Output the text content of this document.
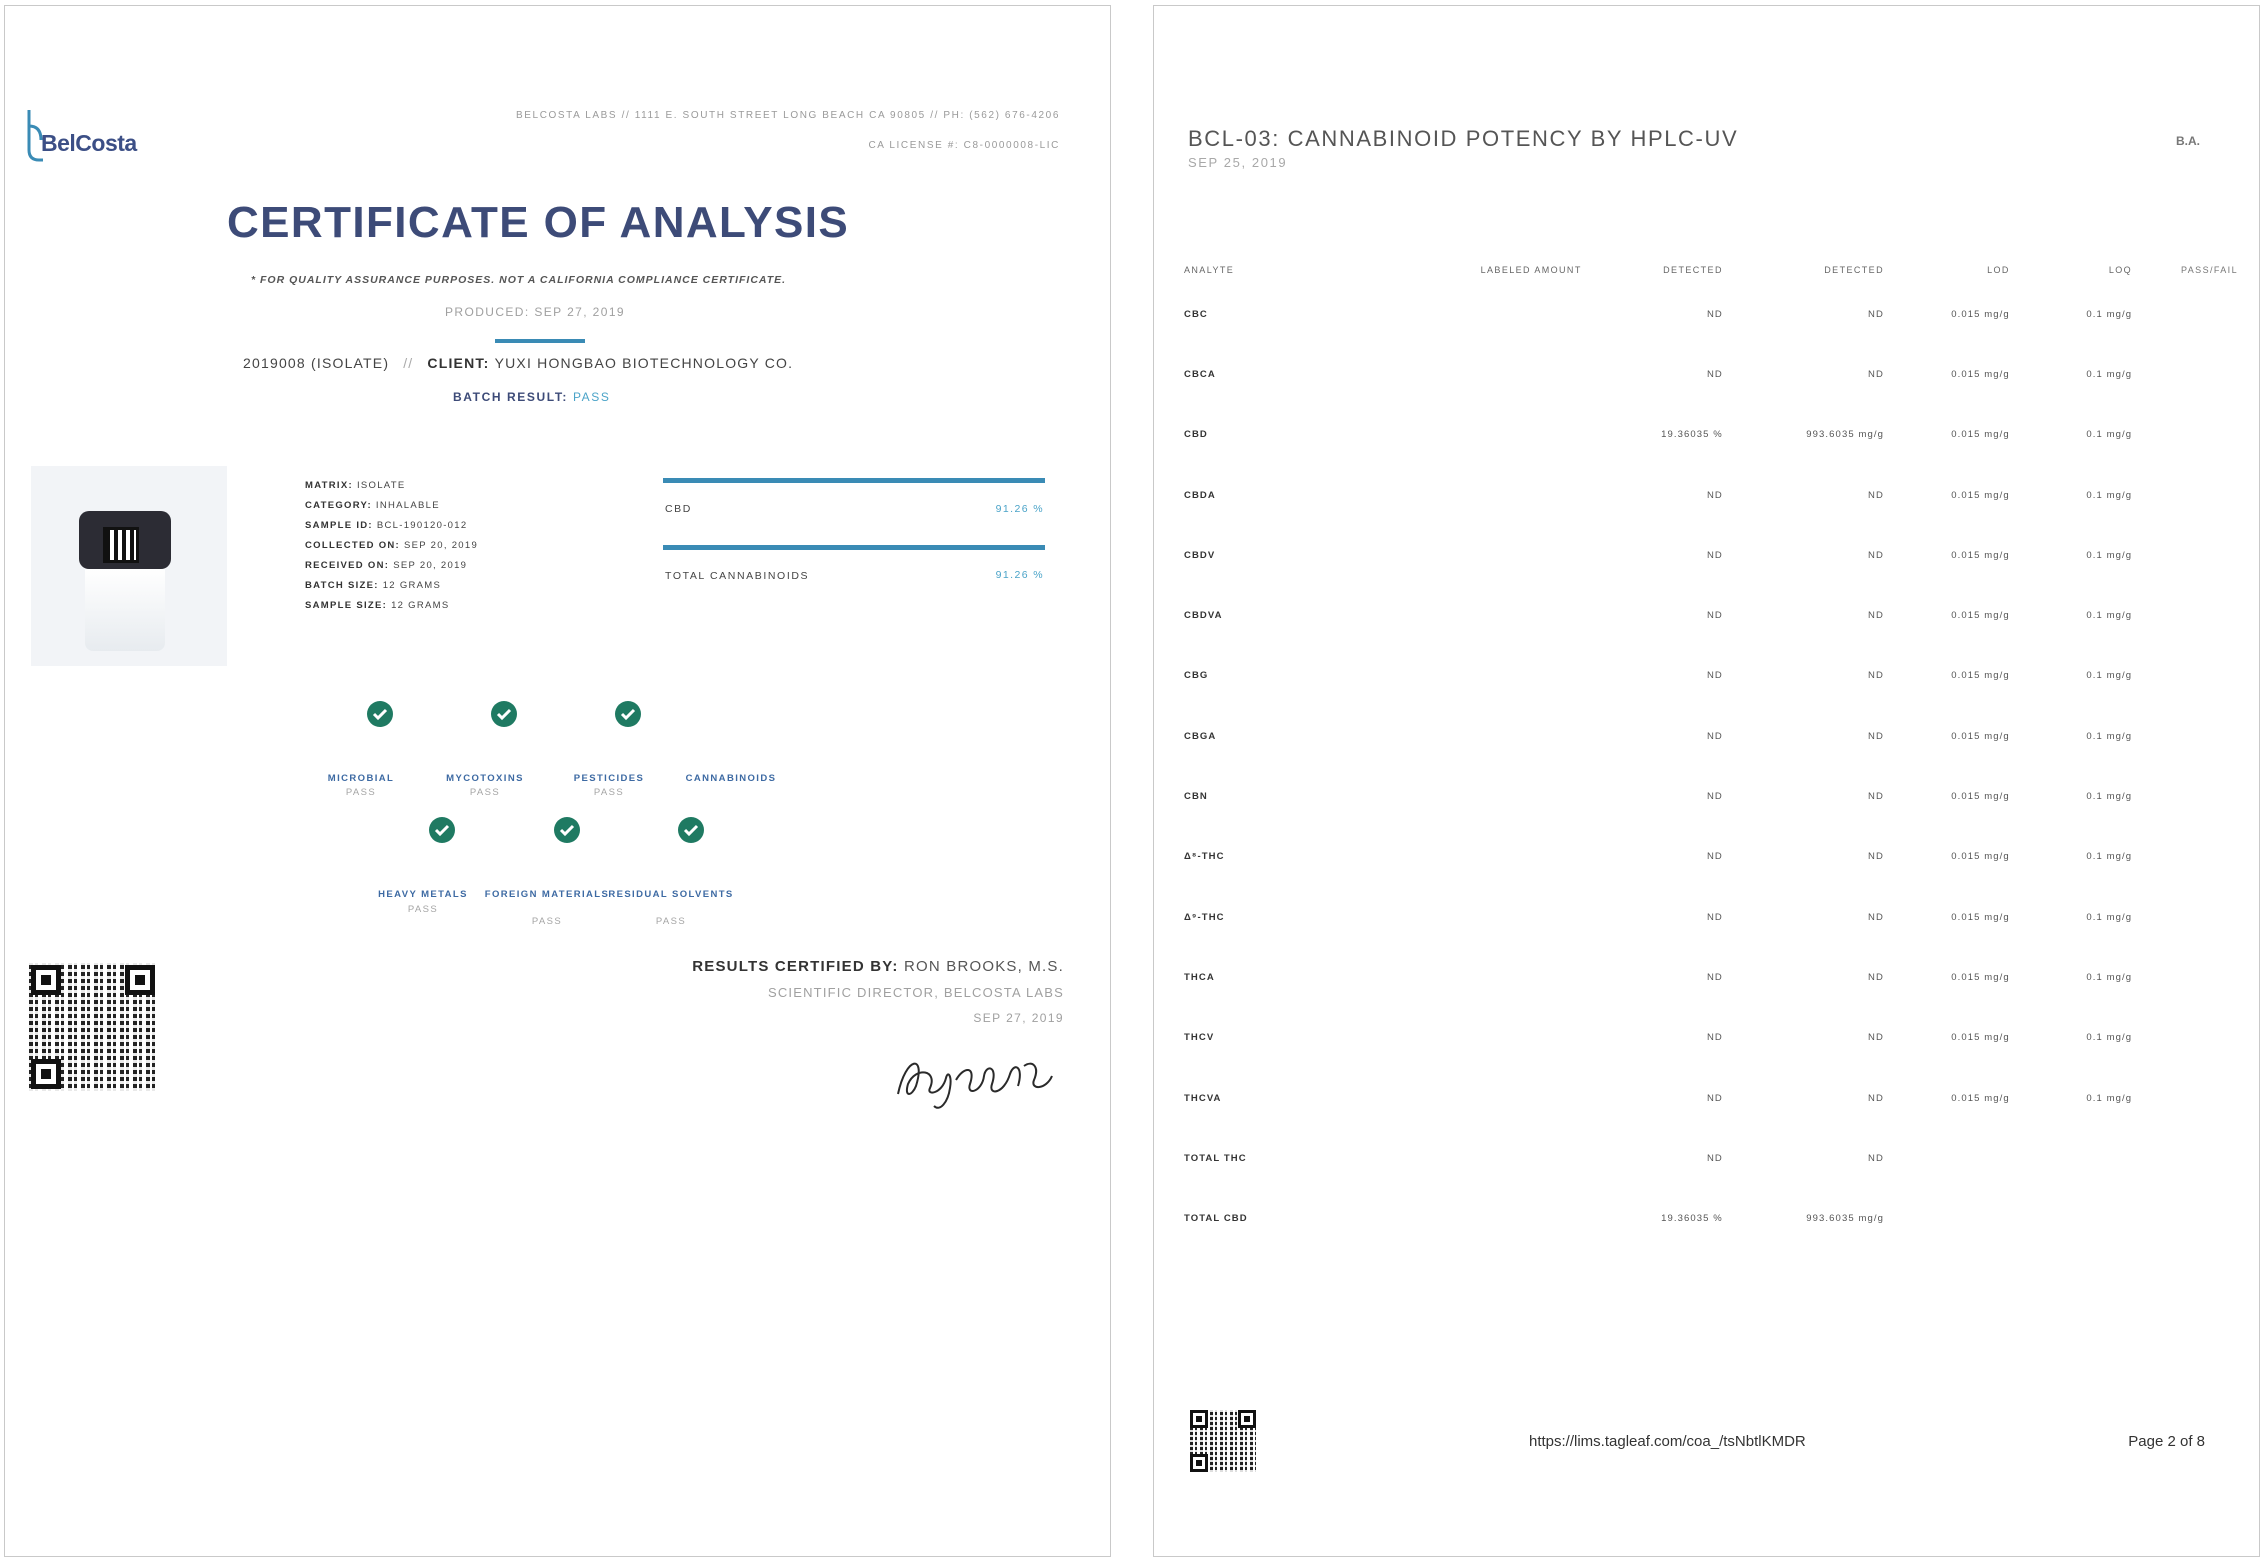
BelCosta
BELCOSTA LABS // 1111 E. SOUTH STREET LONG BEACH CA 90805 // PH: (562) 676-4206
CA LICENSE #: C8-0000008-LIC
CERTIFICATE OF ANALYSIS
* FOR QUALITY ASSURANCE PURPOSES. NOT A CALIFORNIA COMPLIANCE CERTIFICATE.
PRODUCED: SEP 27, 2019
2019008 (ISOLATE) // CLIENT: YUXI HONGBAO BIOTECHNOLOGY CO.
BATCH RESULT: PASS
MATRIX: ISOLATE
CATEGORY: INHALABLE
SAMPLE ID: BCL-190120-012
COLLECTED ON: SEP 20, 2019
RECEIVED ON: SEP 20, 2019
BATCH SIZE: 12 GRAMS
SAMPLE SIZE: 12 GRAMS
CBD	91.26 %
TOTAL CANNABINOIDS	91.26 %
MICROBIAL
PASS
MYCOTOXINS
PASS
PESTICIDES
PASS
CANNABINOIDS
HEAVY METALS
PASS
FOREIGN MATERIALS
PASS
RESIDUAL SOLVENTS
PASS
RESULTS CERTIFIED BY: RON BROOKS, M.S.
SCIENTIFIC DIRECTOR, BELCOSTA LABS
SEP 27, 2019
BCL-03: CANNABINOID POTENCY BY HPLC-UV
SEP 25, 2019
B.A.
ANALYTE	LABELED AMOUNT	DETECTED	DETECTED	LOD	LOQ	PASS/FAIL
CBC		ND	ND	0.015 mg/g	0.1 mg/g	
CBCA		ND	ND	0.015 mg/g	0.1 mg/g	
CBD		19.36035 %	993.6035 mg/g	0.015 mg/g	0.1 mg/g	
CBDA		ND	ND	0.015 mg/g	0.1 mg/g	
CBDV		ND	ND	0.015 mg/g	0.1 mg/g	
CBDVA		ND	ND	0.015 mg/g	0.1 mg/g	
CBG		ND	ND	0.015 mg/g	0.1 mg/g	
CBGA		ND	ND	0.015 mg/g	0.1 mg/g	
CBN		ND	ND	0.015 mg/g	0.1 mg/g	
Δ⁸-THC		ND	ND	0.015 mg/g	0.1 mg/g	
Δ⁹-THC		ND	ND	0.015 mg/g	0.1 mg/g	
THCA		ND	ND	0.015 mg/g	0.1 mg/g	
THCV		ND	ND	0.015 mg/g	0.1 mg/g	
THCVA		ND	ND	0.015 mg/g	0.1 mg/g	
TOTAL THC		ND	ND			
TOTAL CBD		19.36035 %	993.6035 mg/g			
https://lims.tagleaf.com/coa_/tsNbtlKMDR	Page 2 of 8
